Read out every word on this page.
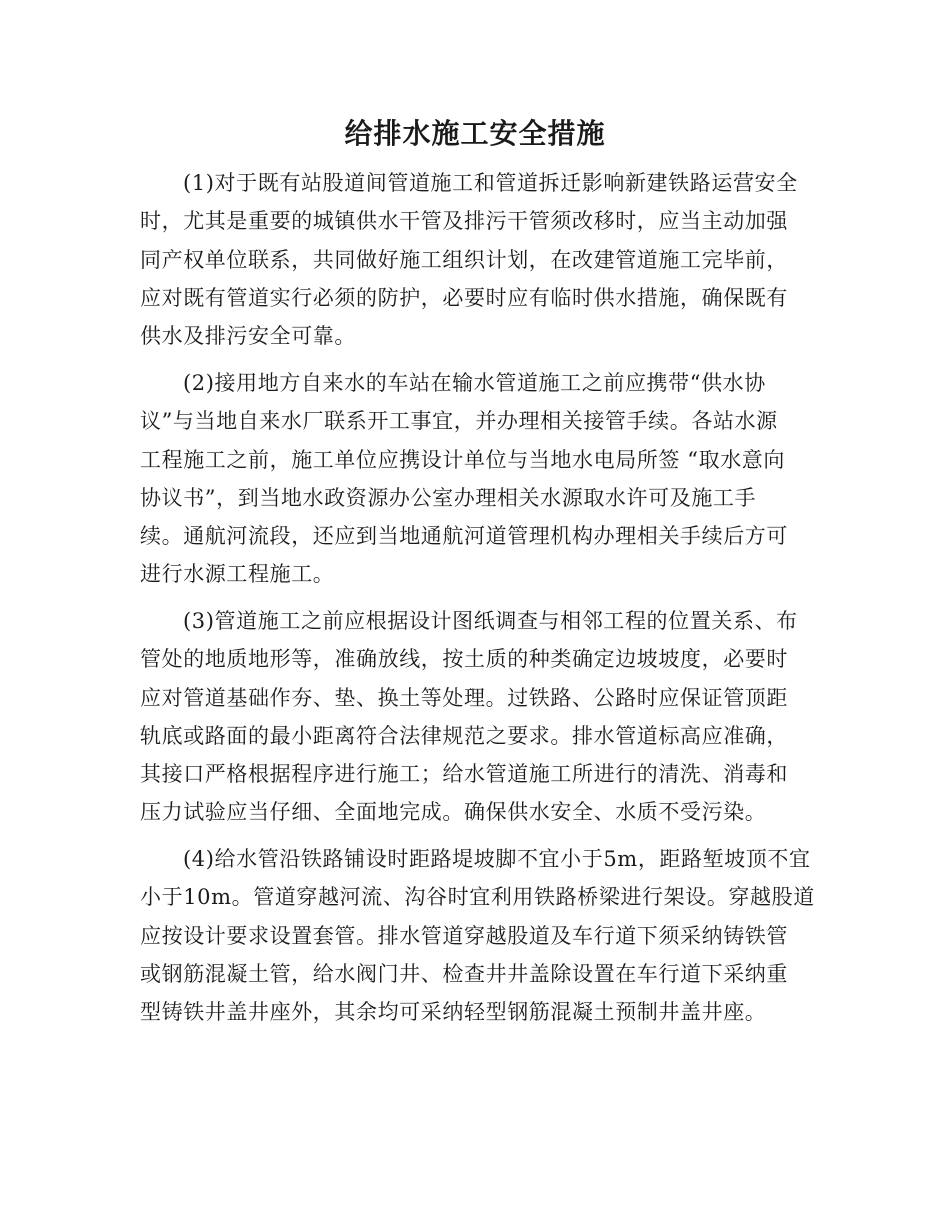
给排水施工安全措施

(1)对于既有站股道间管道施工和管道拆迁影响新建铁路运营安全
时，尤其是重要的城镇供水干管及排污干管须改移时，应当主动加强
同产权单位联系，共同做好施工组织计划，在改建管道施工完毕前，
应对既有管道实行必须的防护，必要时应有临时供水措施，确保既有
供水及排污安全可靠。

(2)接用地方自来水的车站在输水管道施工之前应携带“供水协
议”与当地自来水厂联系开工事宜，并办理相关接管手续。各站水源
工程施工之前，施工单位应携设计单位与当地水电局所签 “取水意向
协议书”，到当地水政资源办公室办理相关水源取水许可及施工手
续。通航河流段，还应到当地通航河道管理机构办理相关手续后方可
进行水源工程施工。

(3)管道施工之前应根据设计图纸调查与相邻工程的位置关系、布
管处的地质地形等，准确放线，按土质的种类确定边坡坡度，必要时
应对管道基础作夯、垫、换土等处理。过铁路、公路时应保证管顶距
轨底或路面的最小距离符合法律规范之要求。排水管道标高应准确，
其接口严格根据程序进行施工；给水管道施工所进行的清洗、消毒和
压力试验应当仔细、全面地完成。确保供水安全、水质不受污染。

(4)给水管沿铁路铺设时距路堤坡脚不宜小于5m，距路堑坡顶不宜
小于10m。管道穿越河流、沟谷时宜利用铁路桥梁进行架设。穿越股道
应按设计要求设置套管。排水管道穿越股道及车行道下须采纳铸铁管
或钢筋混凝土管，给水阀门井、检查井井盖除设置在车行道下采纳重
型铸铁井盖井座外，其余均可采纳轻型钢筋混凝土预制井盖井座。
